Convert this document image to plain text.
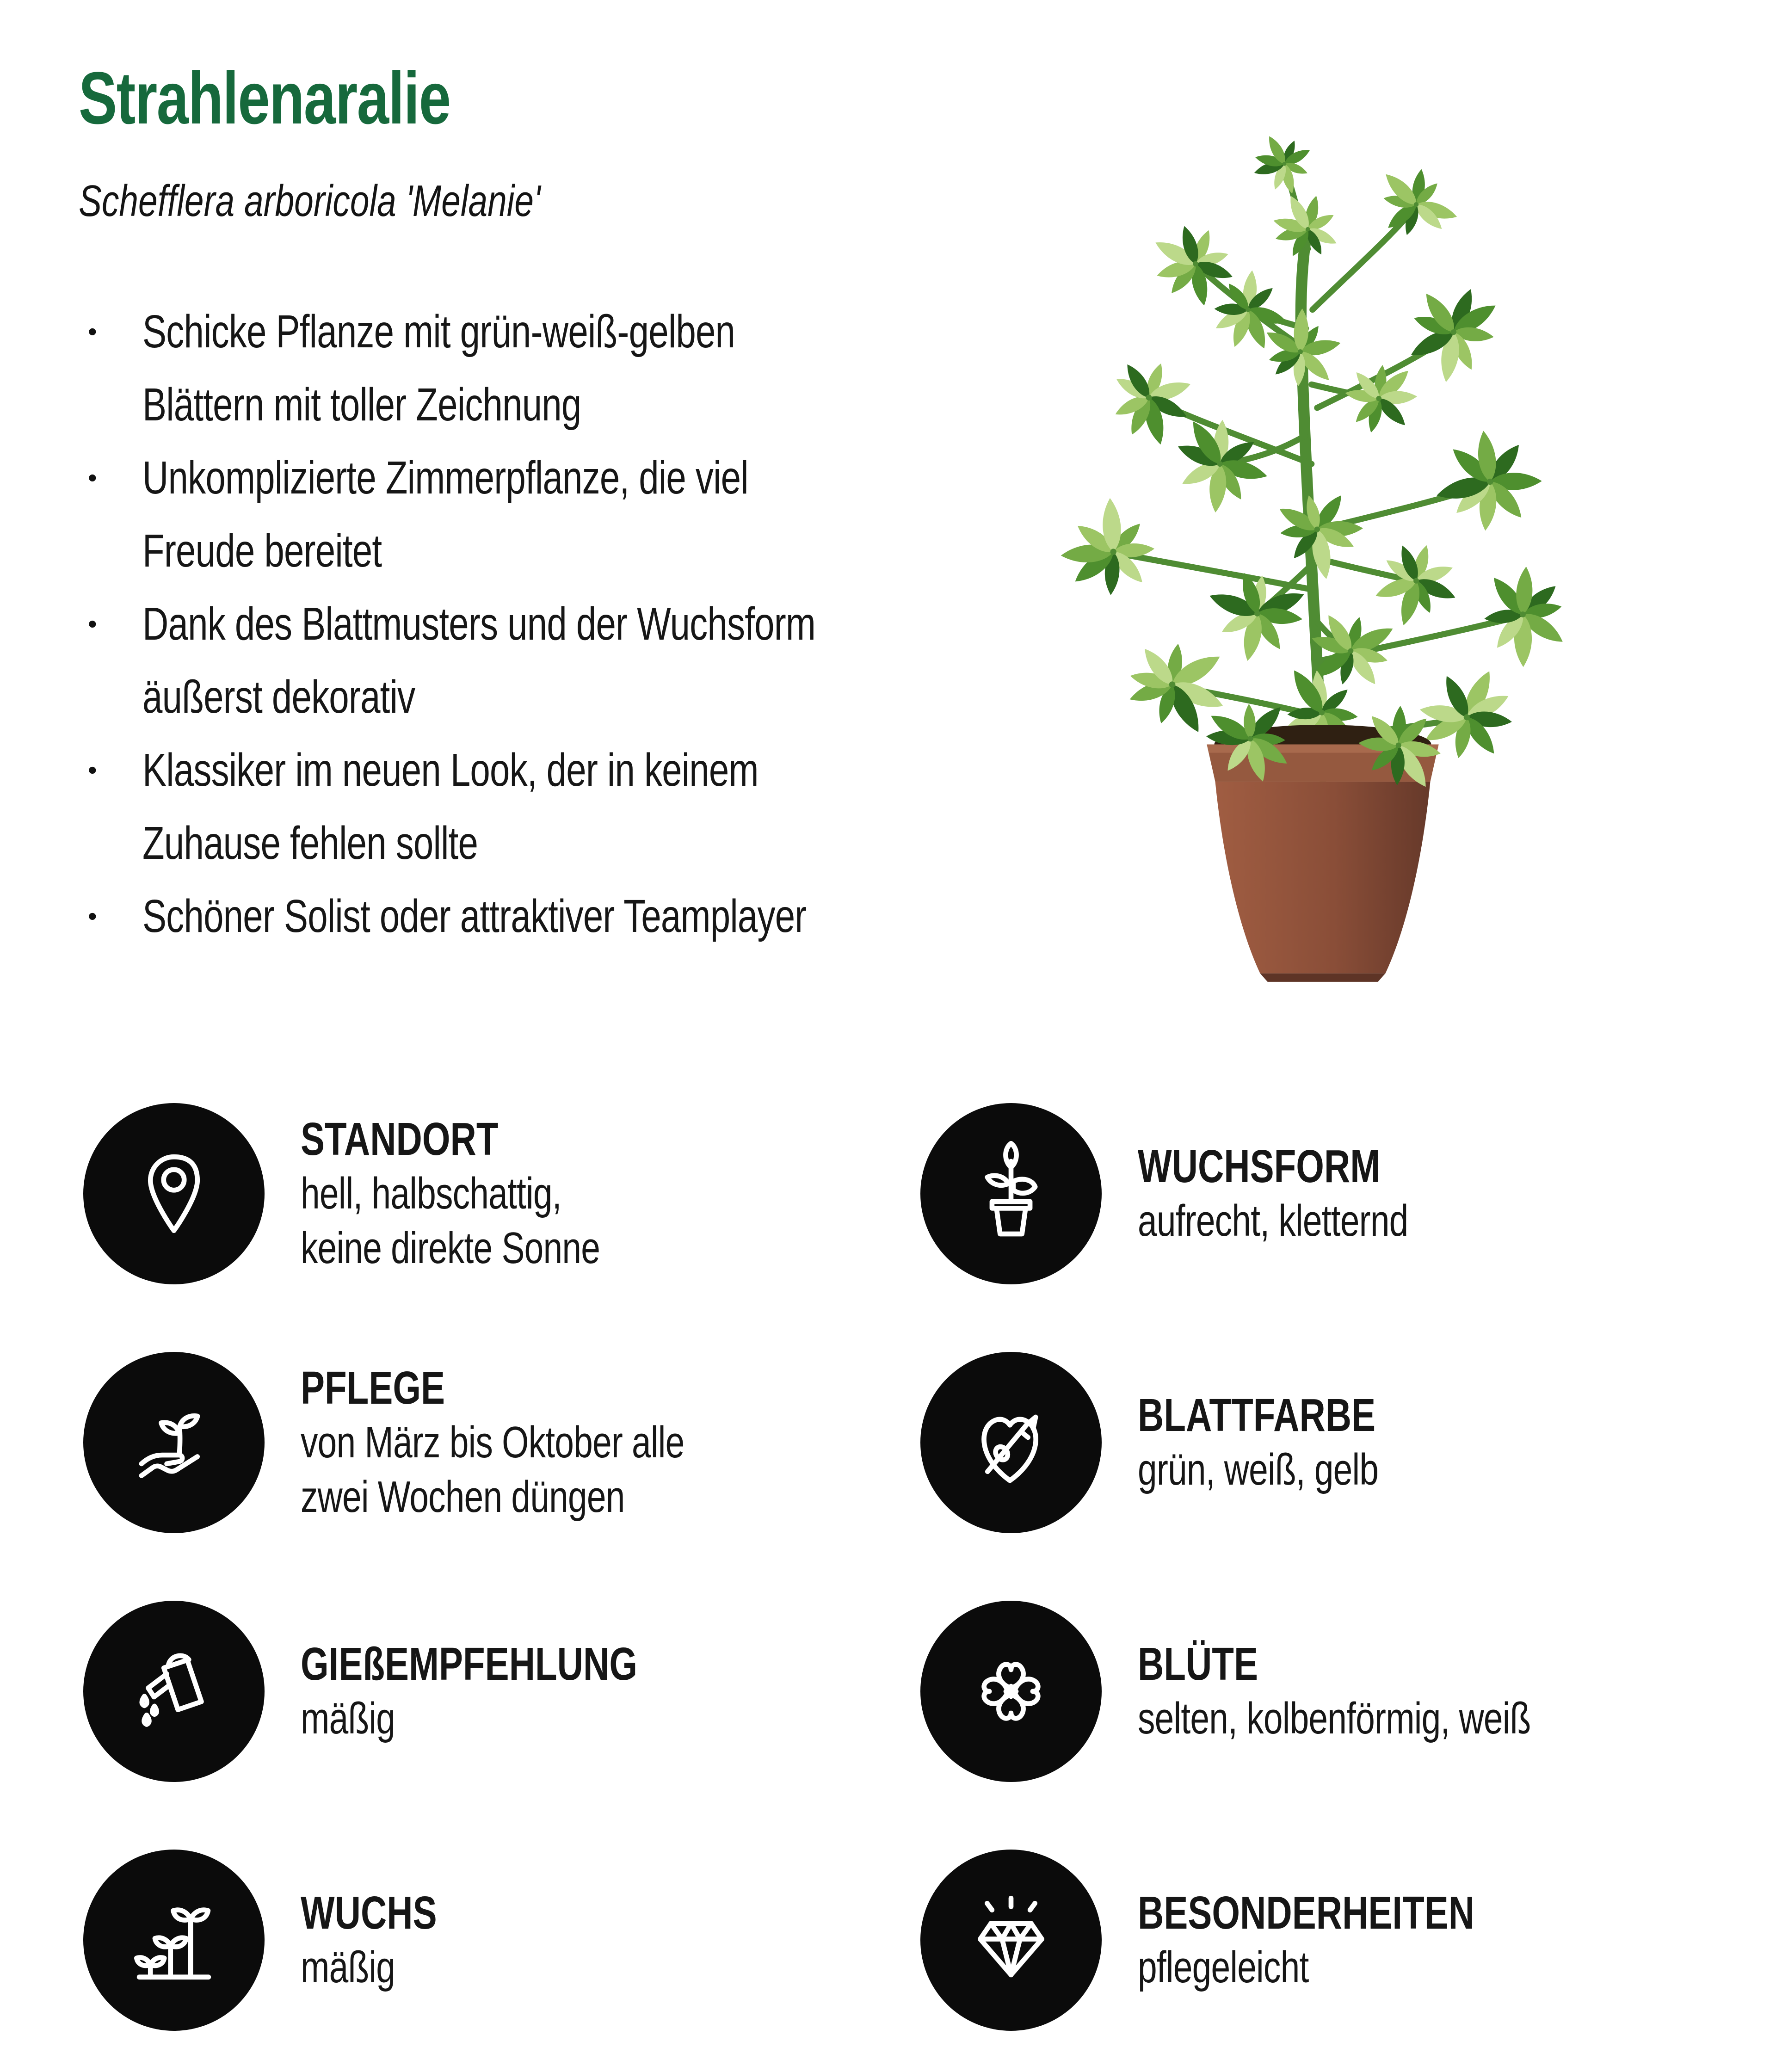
Strahlenaralie
Schefflera arboricola 'Melanie'
• Schicke Pflanze mit grün-weiß-gelben
Blättern mit toller Zeichnung
• Unkomplizierte Zimmerpflanze, die viel
Freude bereitet
• Dank des Blattmusters und der Wuchsform
äußerst dekorativ
• Klassiker im neuen Look, der in keinem
Zuhause fehlen sollte
• Schöner Solist oder attraktiver Teamplayer
STANDORT
hell, halbschattig,
keine direkte Sonne
WUCHSFORM
aufrecht, kletternd
PFLEGE
von März bis Oktober alle
zwei Wochen düngen
BLATTFARBE
grün, weiß, gelb
GIEßEMPFEHLUNG
mäßig
BLÜTE
selten, kolbenförmig, weiß
WUCHS
mäßig
BESONDERHEITEN
pflegeleicht
